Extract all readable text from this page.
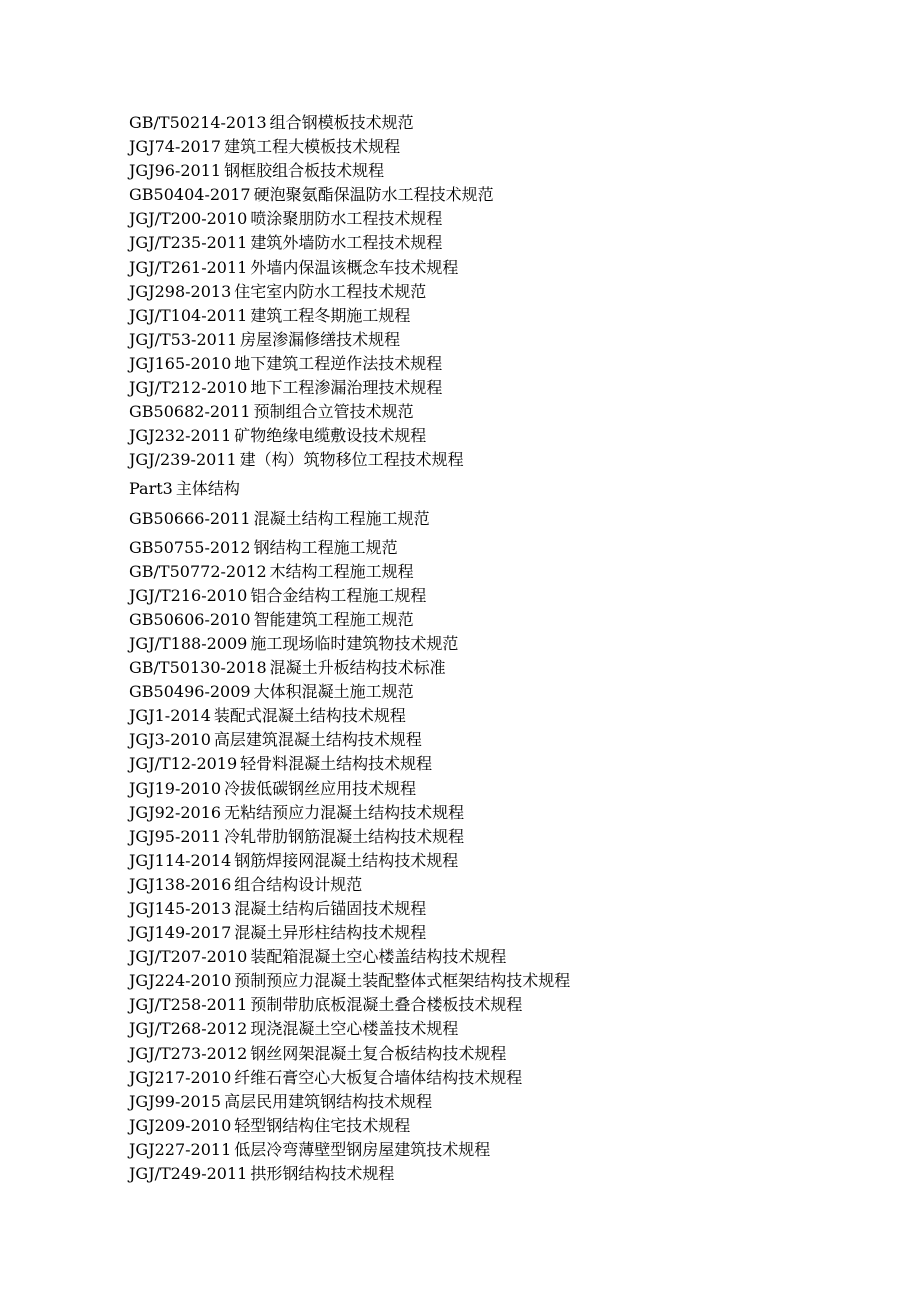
GB/T50214-2013 组合钢模板技术规范
JGJ74-2017 建筑工程大模板技术规程
JGJ96-2011 钢框胶组合板技术规程
GB50404-2017 硬泡聚氨酯保温防水工程技术规范
JGJ/T200-2010 喷涂聚朋防水工程技术规程
JGJ/T235-2011 建筑外墙防水工程技术规程
JGJ/T261-2011 外墙内保温该概念车技术规程
JGJ298-2013 住宅室内防水工程技术规范
JGJ/T104-2011 建筑工程冬期施工规程
JGJ/T53-2011 房屋渗漏修缮技术规程
JGJ165-2010 地下建筑工程逆作法技术规程
JGJ/T212-2010 地下工程渗漏治理技术规程
GB50682-2011 预制组合立管技术规范
JGJ232-2011 矿物绝缘电缆敷设技术规程
JGJ/239-2011 建（构）筑物移位工程技术规程
Part3 主体结构
GB50666-2011 混凝土结构工程施工规范
GB50755-2012 钢结构工程施工规范
GB/T50772-2012 木结构工程施工规程
JGJ/T216-2010 铝合金结构工程施工规程
GB50606-2010 智能建筑工程施工规范
JGJ/T188-2009 施工现场临时建筑物技术规范
GB/T50130-2018 混凝土升板结构技术标准
GB50496-2009 大体积混凝土施工规范
JGJ1-2014 装配式混凝土结构技术规程
JGJ3-2010 高层建筑混凝土结构技术规程
JGJ/T12-2019 轻骨料混凝土结构技术规程
JGJ19-2010 冷拔低碳钢丝应用技术规程
JGJ92-2016 无粘结预应力混凝土结构技术规程
JGJ95-2011 冷轧带肋钢筋混凝土结构技术规程
JGJ114-2014 钢筋焊接网混凝土结构技术规程
JGJ138-2016 组合结构设计规范
JGJ145-2013 混凝土结构后锚固技术规程
JGJ149-2017 混凝土异形柱结构技术规程
JGJ/T207-2010 装配箱混凝土空心楼盖结构技术规程
JGJ224-2010 预制预应力混凝土装配整体式框架结构技术规程
JGJ/T258-2011 预制带肋底板混凝土叠合楼板技术规程
JGJ/T268-2012 现浇混凝土空心楼盖技术规程
JGJ/T273-2012 钢丝网架混凝土复合板结构技术规程
JGJ217-2010 纤维石膏空心大板复合墙体结构技术规程
JGJ99-2015 高层民用建筑钢结构技术规程
JGJ209-2010 轻型钢结构住宅技术规程
JGJ227-2011 低层冷弯薄壁型钢房屋建筑技术规程
JGJ/T249-2011 拱形钢结构技术规程
